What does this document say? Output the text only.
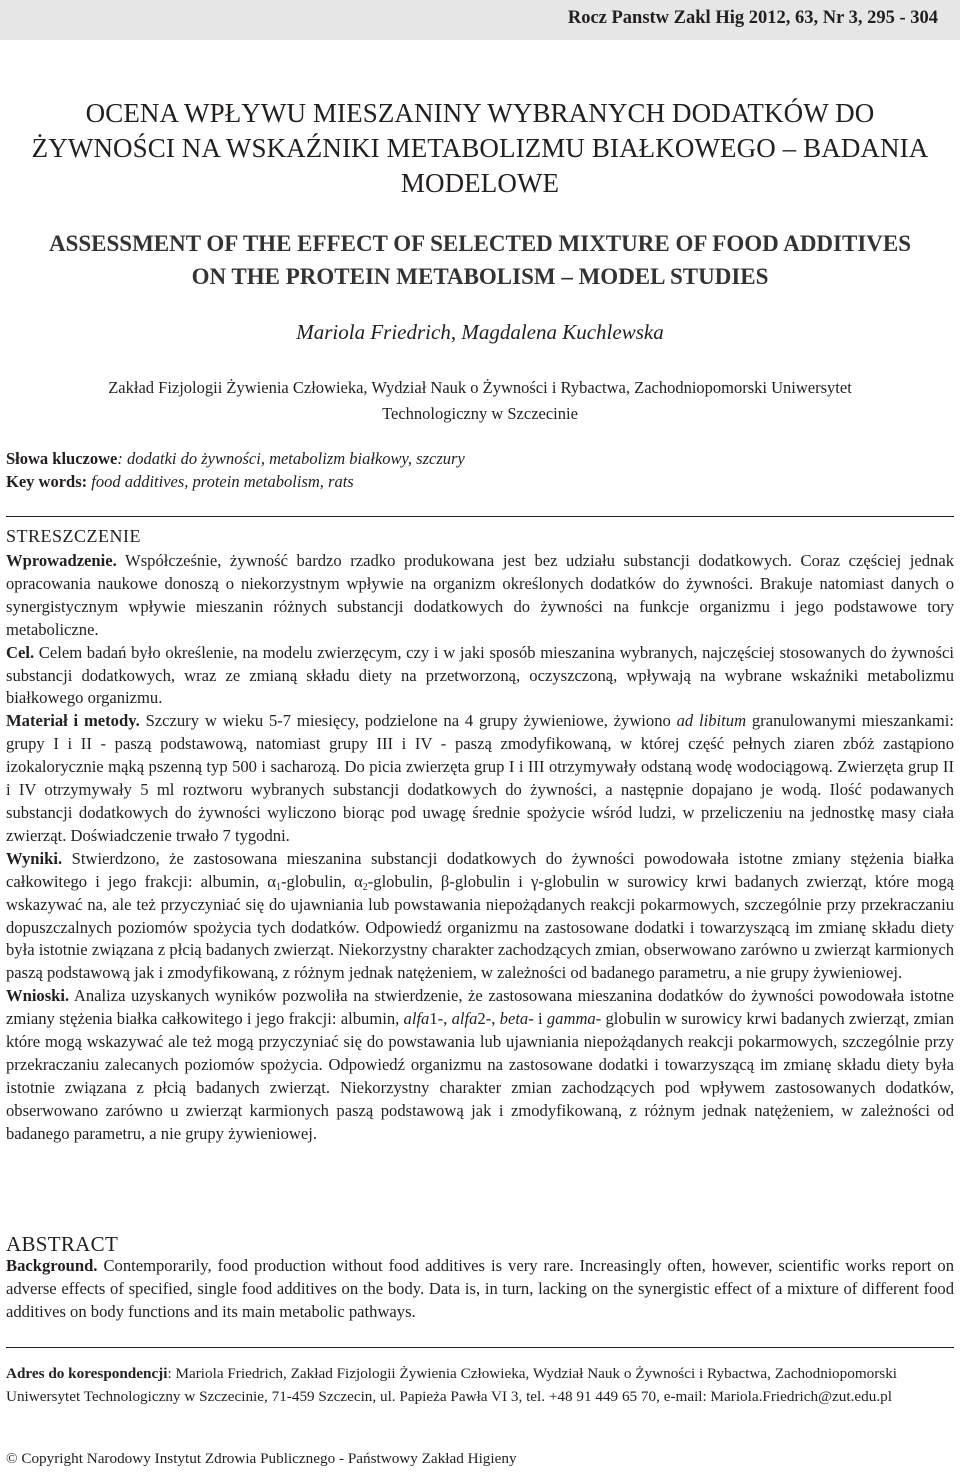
Rocz Panstw Zakl Hig 2012, 63, Nr 3, 295 - 304
OCENA WPŁYWU MIESZANINY WYBRANYCH DODATKÓW DO
ŻYWNOŚCI NA WSKAŹNIKI METABOLIZMU BIAŁKOWEGO – BADANIA
MODELOWE
ASSESSMENT OF THE EFFECT OF SELECTED MIXTURE OF FOOD ADDITIVES
ON THE PROTEIN METABOLISM – MODEL STUDIES
Mariola Friedrich, Magdalena Kuchlewska
Zakład Fizjologii Żywienia Człowieka, Wydział Nauk o Żywności i Rybactwa, Zachodniopomorski Uniwersytet
Technologiczny w Szczecinie
Słowa kluczowe: dodatki do żywności, metabolizm białkowy, szczury
Key words: food additives, protein metabolism, rats
STRESZCZENIE

Wprowadzenie. Współcześnie, żywność bardzo rzadko produkowana jest bez udziału substancji dodatkowych. Coraz częściej jednak opracowania naukowe donoszą o niekorzystnym wpływie na organizm określonych dodatków do żywności. Brakuje natomiast danych o synergistycznym wpływie mieszanin różnych substancji dodatkowych do żywności na funkcje organizmu i jego podstawowe tory metaboliczne.

Cel. Celem badań było określenie, na modelu zwierzęcym, czy i w jaki sposób mieszanina wybranych, najczęściej stosowanych do żywności substancji dodatkowych, wraz ze zmianą składu diety na przetworzoną, oczyszczoną, wpływają na wybrane wskaźniki metabolizmu białkowego organizmu.

Materiał i metody. Szczury w wieku 5-7 miesięcy, podzielone na 4 grupy żywieniowe, żywiono ad libitum granulowanymi mieszankami: grupy I i II - paszą podstawową, natomiast grupy III i IV - paszą zmodyfikowaną, w której część pełnych ziaren zbóż zastąpiono izokalorycznie mąką pszenną typ 500 i sacharozą. Do picia zwierzęta grup I i III otrzymywały odstaną wodę wodociągową. Zwierzęta grup II i IV otrzymywały 5 ml roztworu wybranych substancji dodatkowych do żywności, a następnie dopajano je wodą. Ilość podawanych substancji dodatkowych do żywności wyliczono biorąc pod uwagę średnie spożycie wśród ludzi, w przeliczeniu na jednostkę masy ciała zwierząt. Doświadczenie trwało 7 tygodni.

Wyniki. Stwierdzono, że zastosowana mieszanina substancji dodatkowych do żywności powodowała istotne zmiany stężenia białka całkowitego i jego frakcji: albumin, $\alpha_1$-globulin, $\alpha_2$-globulin, β-globulin i γ-globulin w surowicy krwi badanych zwierząt, które mogą wskazywać na, ale też przyczyniać się do ujawniania lub powstawania niepożądanych reakcji pokarmowych, szczególnie przy przekraczaniu dopuszczalnych poziomów spożycia tych dodatków. Odpowiedź organizmu na zastosowane dodatki i towarzyszącą im zmianę składu diety była istotnie związana z płcią badanych zwierząt. Niekorzystny charakter zachodzących zmian, obserwowano zarówno u zwierząt karmionych paszą podstawową jak i zmodyfikowaną, z różnym jednak natężeniem, w zależności od badanego parametru, a nie grupy żywieniowej.

Wnioski. Analiza uzyskanych wyników pozwoliła na stwierdzenie, że zastosowana mieszanina dodatków do żywności powodowała istotne zmiany stężenia białka całkowitego i jego frakcji: albumin, alfa1-, alfa2-, beta- i gamma- globulin w surowicy krwi badanych zwierząt, zmian które mogą wskazywać ale też mogą przyczyniać się do powstawania lub ujawniania niepożądanych reakcji pokarmowych, szczególnie przy przekraczaniu zalecanych poziomów spożycia. Odpowiedź organizmu na zastosowane dodatki i towarzyszącą im zmianę składu diety była istotnie związana z płcią badanych zwierząt. Niekorzystny charakter zmian zachodzących pod wpływem zastosowanych dodatków, obserwowano zarówno u zwierząt karmionych paszą podstawową jak i zmodyfikowaną, z różnym jednak natężeniem, w zależności od badanego parametru, a nie grupy żywieniowej.

ABSTRACT

Background. Contemporarily, food production without food additives is very rare. Increasingly often, however, scientific works report on adverse effects of specified, single food additives on the body. Data is, in turn, lacking on the synergistic effect of a mixture of different food additives on body functions and its main metabolic pathways.

Adres do korespondencji: Mariola Friedrich, Zakład Fizjologii Żywienia Człowieka, Wydział Nauk o Żywności i Rybactwa, Zachodniopomorski Uniwersytet Technologiczny w Szczecinie, 71-459 Szczecin, ul. Papieża Pawła VI 3, tel. +48 91 449 65 70, e-mail: Mariola.Friedrich@zut.edu.pl
© Copyright Narodowy Instytut Zdrowia Publicznego - Państwowy Zakład Higieny
